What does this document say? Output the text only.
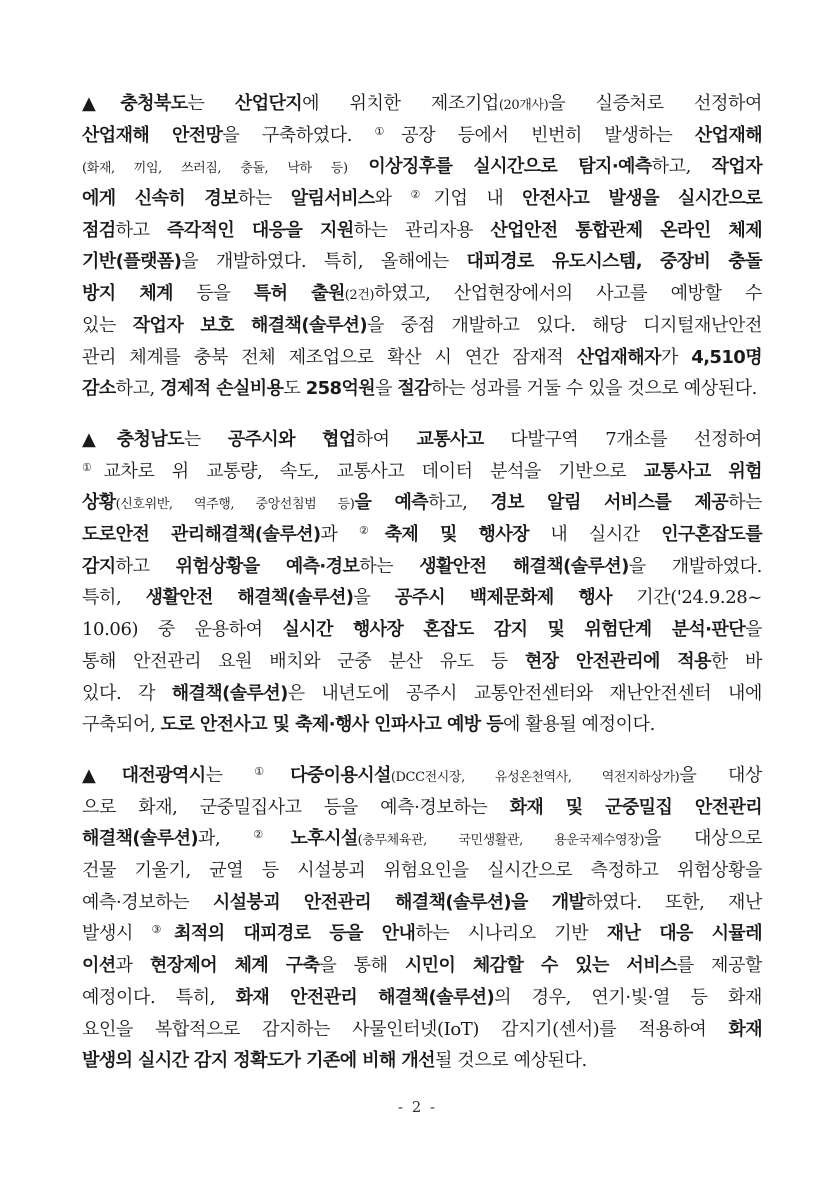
▲충청북도는 산업단지에 위치한 제조기업(20개사)을 실증처로 선정하여
산업재해 안전망을 구축하였다. ①공장 등에서 빈번히 발생하는 산업재해
(화재, 끼임, 쓰러짐, 충돌, 낙하 등) 이상징후를 실시간으로 탐지·예측하고, 작업자
에게 신속히 경보하는 알림서비스와 ②기업 내 안전사고 발생을 실시간으로
점검하고 즉각적인 대응을 지원하는 관리자용 산업안전 통합관제 온라인 체제
기반(플랫폼)을 개발하였다. 특히, 올해에는 대피경로 유도시스템, 중장비 충돌
방지 체계 등을 특허 출원(2건)하였고, 산업현장에서의 사고를 예방할 수
있는 작업자 보호 해결책(솔루션)을 중점 개발하고 있다. 해당 디지털재난안전
관리 체계를 충북 전체 제조업으로 확산 시 연간 잠재적 산업재해자가 4,510명
감소하고, 경제적 손실비용도 258억원을 절감하는 성과를 거둘 수 있을 것으로 예상된다.
▲충청남도는 공주시와 협업하여 교통사고 다발구역 7개소를 선정하여
①교차로 위 교통량, 속도, 교통사고 데이터 분석을 기반으로 교통사고 위험
상황(신호위반, 역주행, 중앙선침범 등)을 예측하고, 경보 알림 서비스를 제공하는
도로안전 관리해결책(솔루션)과 ②축제 및 행사장 내 실시간 인구혼잡도를
감지하고 위험상황을 예측·경보하는 생활안전 해결책(솔루션)을 개발하였다.
특히, 생활안전 해결책(솔루션)을 공주시 백제문화제 행사 기간('24.9.28~
10.06) 중 운용하여 실시간 행사장 혼잡도 감지 및 위험단계 분석·판단을
통해 안전관리 요원 배치와 군중 분산 유도 등 현장 안전관리에 적용한 바
있다. 각 해결책(솔루션)은 내년도에 공주시 교통안전센터와 재난안전센터 내에
구축되어, 도로 안전사고 및 축제·행사 인파사고 예방 등에 활용될 예정이다.
▲대전광역시는 ①다중이용시설(DCC전시장, 유성온천역사, 역전지하상가)을 대상
으로 화재, 군중밀집사고 등을 예측·경보하는 화재 및 군중밀집 안전관리
해결책(솔루션)과, ②노후시설(충무체육관, 국민생활관, 용운국제수영장)을 대상으로
건물 기울기, 균열 등 시설붕괴 위험요인을 실시간으로 측정하고 위험상황을
예측·경보하는 시설붕괴 안전관리 해결책(솔루션)을 개발하였다. 또한, 재난
발생시 ③최적의 대피경로 등을 안내하는 시나리오 기반 재난 대응 시뮬레
이션과 현장제어 체계 구축을 통해 시민이 체감할 수 있는 서비스를 제공할
예정이다. 특히, 화재 안전관리 해결책(솔루션)의 경우, 연기·빛·열 등 화재
요인을 복합적으로 감지하는 사물인터넷(IoT) 감지기(센서)를 적용하여 화재
발생의 실시간 감지 정확도가 기존에 비해 개선될 것으로 예상된다.
- 2 -
